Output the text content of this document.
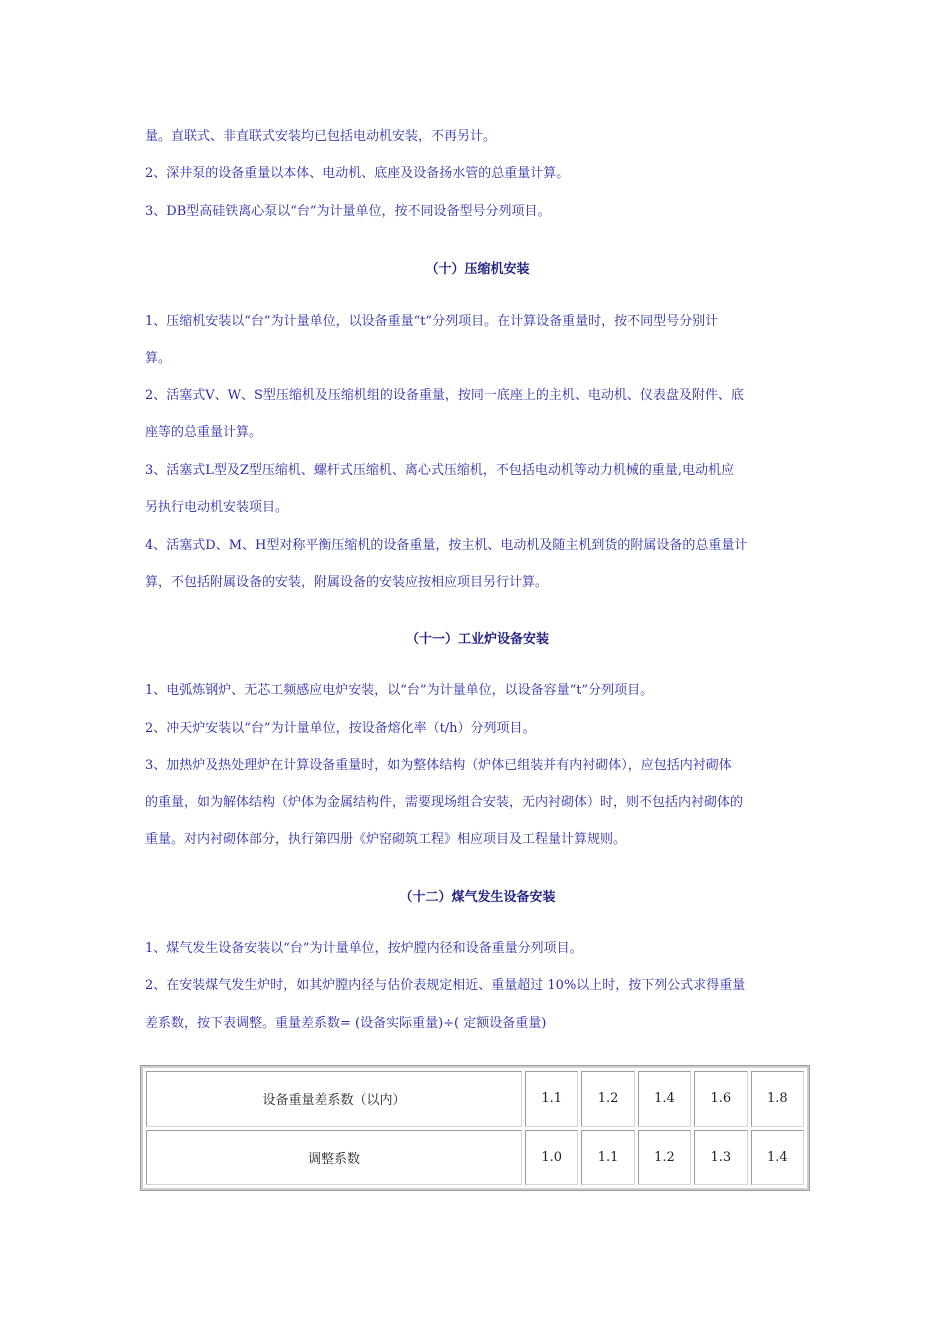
量。直联式、非直联式安装均已包括电动机安装，不再另计。

2、深井泵的设备重量以本体、电动机、底座及设备扬水管的总重量计算。

3、DB型高硅铁离心泵以“台”为计量单位，按不同设备型号分列项目。

（十）压缩机安装

1、压缩机安装以“台”为计量单位，以设备重量“t”分列项目。在计算设备重量时，按不同型号分别计

算。

2、活塞式V、W、S型压缩机及压缩机组的设备重量，按同一底座上的主机、电动机、仪表盘及附件、底

座等的总重量计算。

3、活塞式L型及Z型压缩机、螺杆式压缩机、离心式压缩机，不包括电动机等动力机械的重量,电动机应

另执行电动机安装项目。

4、活塞式D、M、H型对称平衡压缩机的设备重量，按主机、电动机及随主机到货的附属设备的总重量计

算，不包括附属设备的安装，附属设备的安装应按相应项目另行计算。

（十一）工业炉设备安装

1、电弧炼钢炉、无芯工频感应电炉安装，以“台”为计量单位，以设备容量“t”分列项目。

2、冲天炉安装以“台”为计量单位，按设备熔化率（t/h）分列项目。

3、加热炉及热处理炉在计算设备重量时，如为整体结构（炉体已组装并有内衬砌体），应包括内衬砌体

的重量，如为解体结构（炉体为金属结构件，需要现场组合安装，无内衬砌体）时，则不包括内衬砌体的

重量。对内衬砌体部分，执行第四册《炉窑砌筑工程》相应项目及工程量计算规则。

（十二）煤气发生设备安装

1、煤气发生设备安装以“台”为计量单位，按炉膛内径和设备重量分列项目。

2、在安装煤气发生炉时，如其炉膛内径与估价表规定相近、重量超过 10%以上时，按下列公式求得重量

差系数，按下表调整。重量差系数= (设备实际重量)÷( 定额设备重量)

设备重量差系数（以内）	1.1	1.2	1.4	1.6	1.8
调整系数	1.0	1.1	1.2	1.3	1.4
